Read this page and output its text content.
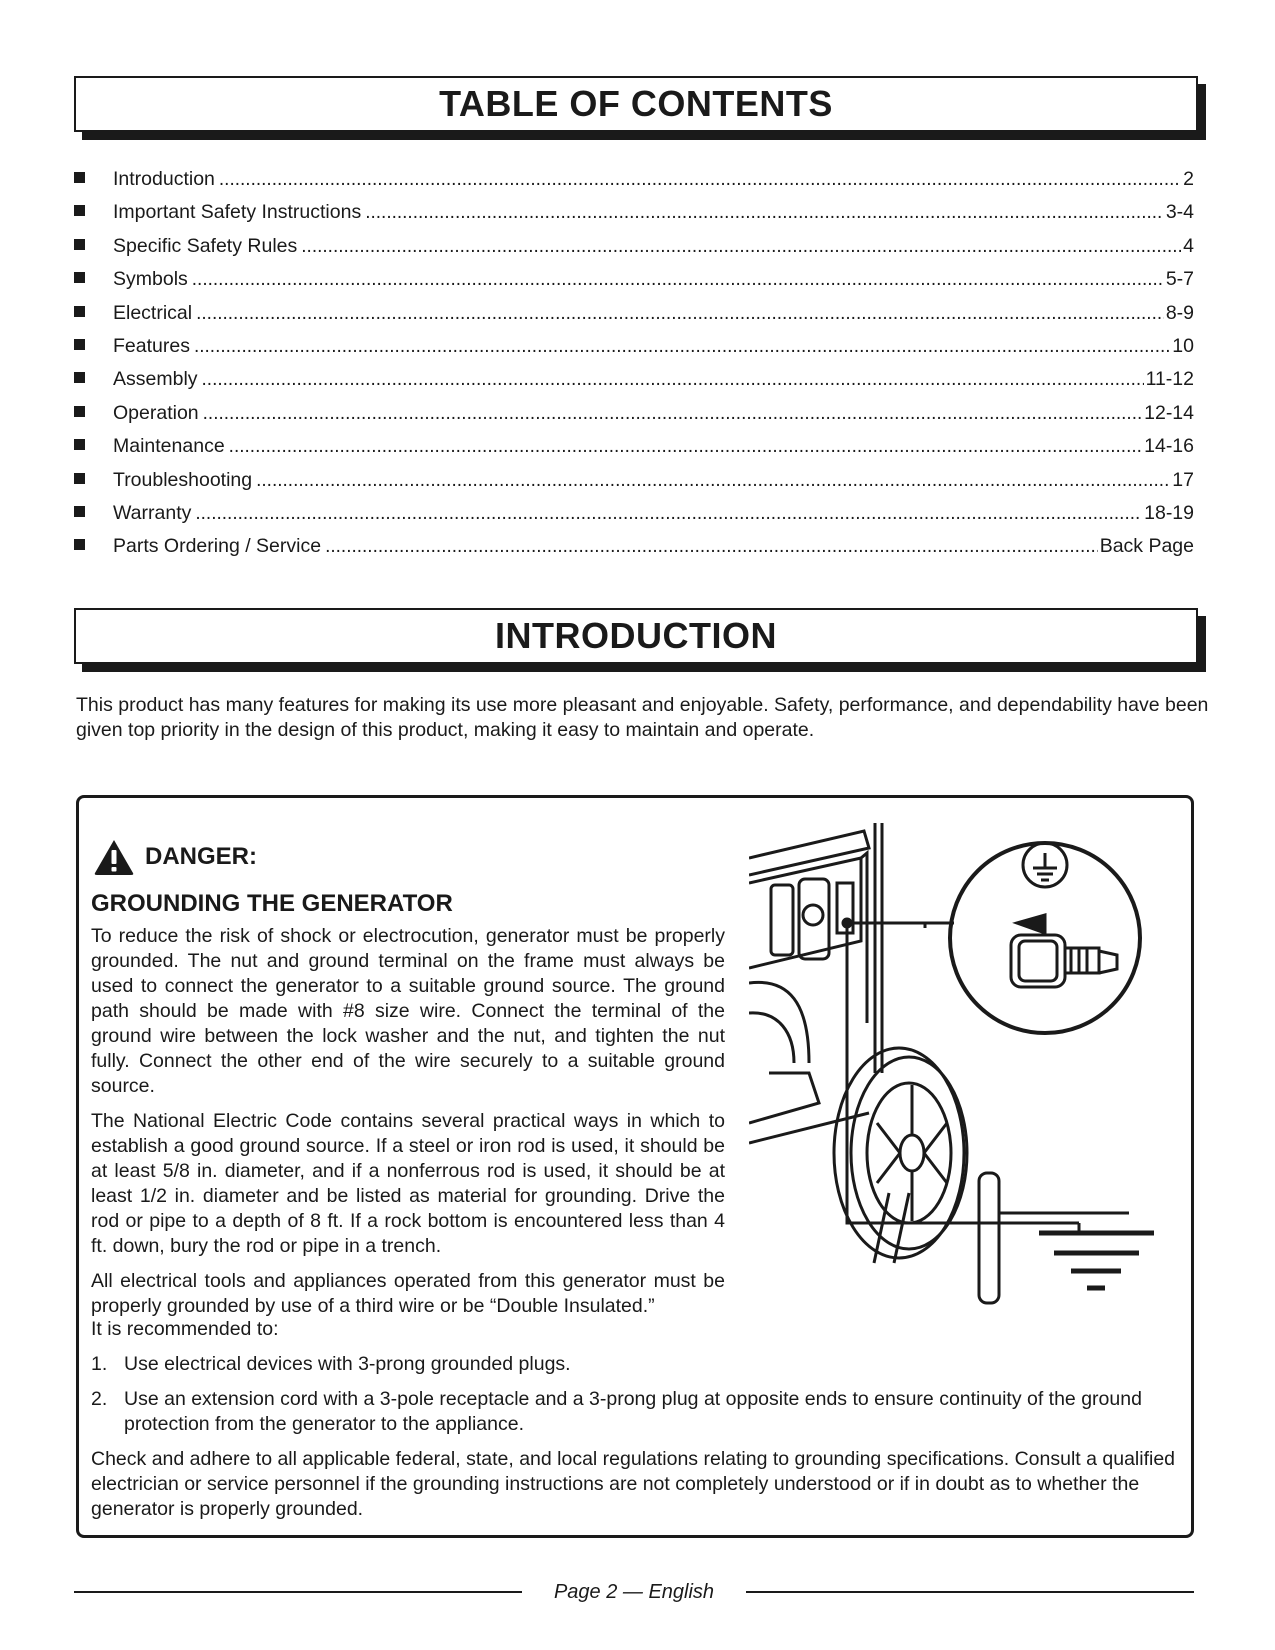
TABLE OF CONTENTS
Introduction .....	2
Important Safety Instructions .....	3-4
Specific Safety Rules .....	4
Symbols .....	5-7
Electrical .....	8-9
Features .....	10
Assembly .....	11-12
Operation .....	12-14
Maintenance .....	14-16
Troubleshooting .....	17
Warranty .....	18-19
Parts Ordering / Service .....	Back Page
INTRODUCTION

This product has many features for making its use more pleasant and enjoyable. Safety, performance, and dependability have been given top priority in the design of this product, making it easy to maintain and operate.

DANGER:
GROUNDING THE GENERATOR

To reduce the risk of shock or electrocution, generator must be properly grounded. The nut and ground terminal on the frame must always be used to connect the generator to a suitable ground source. The ground path should be made with #8 size wire. Connect the terminal of the ground wire between the lock washer and the nut, and tighten the nut fully. Connect the other end of the wire securely to a suitable ground source.

The National Electric Code contains several practical ways in which to establish a good ground source. If a steel or iron rod is used, it should be at least 5/8 in. diameter, and if a nonferrous rod is used, it should be at least 1/2 in. diameter and be listed as material for grounding. Drive the rod or pipe to a depth of 8 ft. If a rock bottom is encountered less than 4 ft. down, bury the rod or pipe in a trench.

All electrical tools and appliances operated from this generator must be properly grounded by use of a third wire or be “Double Insulated.”

It is recommended to:

1. Use electrical devices with 3-prong grounded plugs.
2. Use an extension cord with a 3-pole receptacle and a 3-prong plug at opposite ends to ensure continuity of the ground protection from the generator to the appliance.

Check and adhere to all applicable federal, state, and local regulations relating to grounding specifications. Consult a qualified electrician or service personnel if the grounding instructions are not completely understood or if in doubt as to whether the generator is properly grounded.

Page 2 — English
